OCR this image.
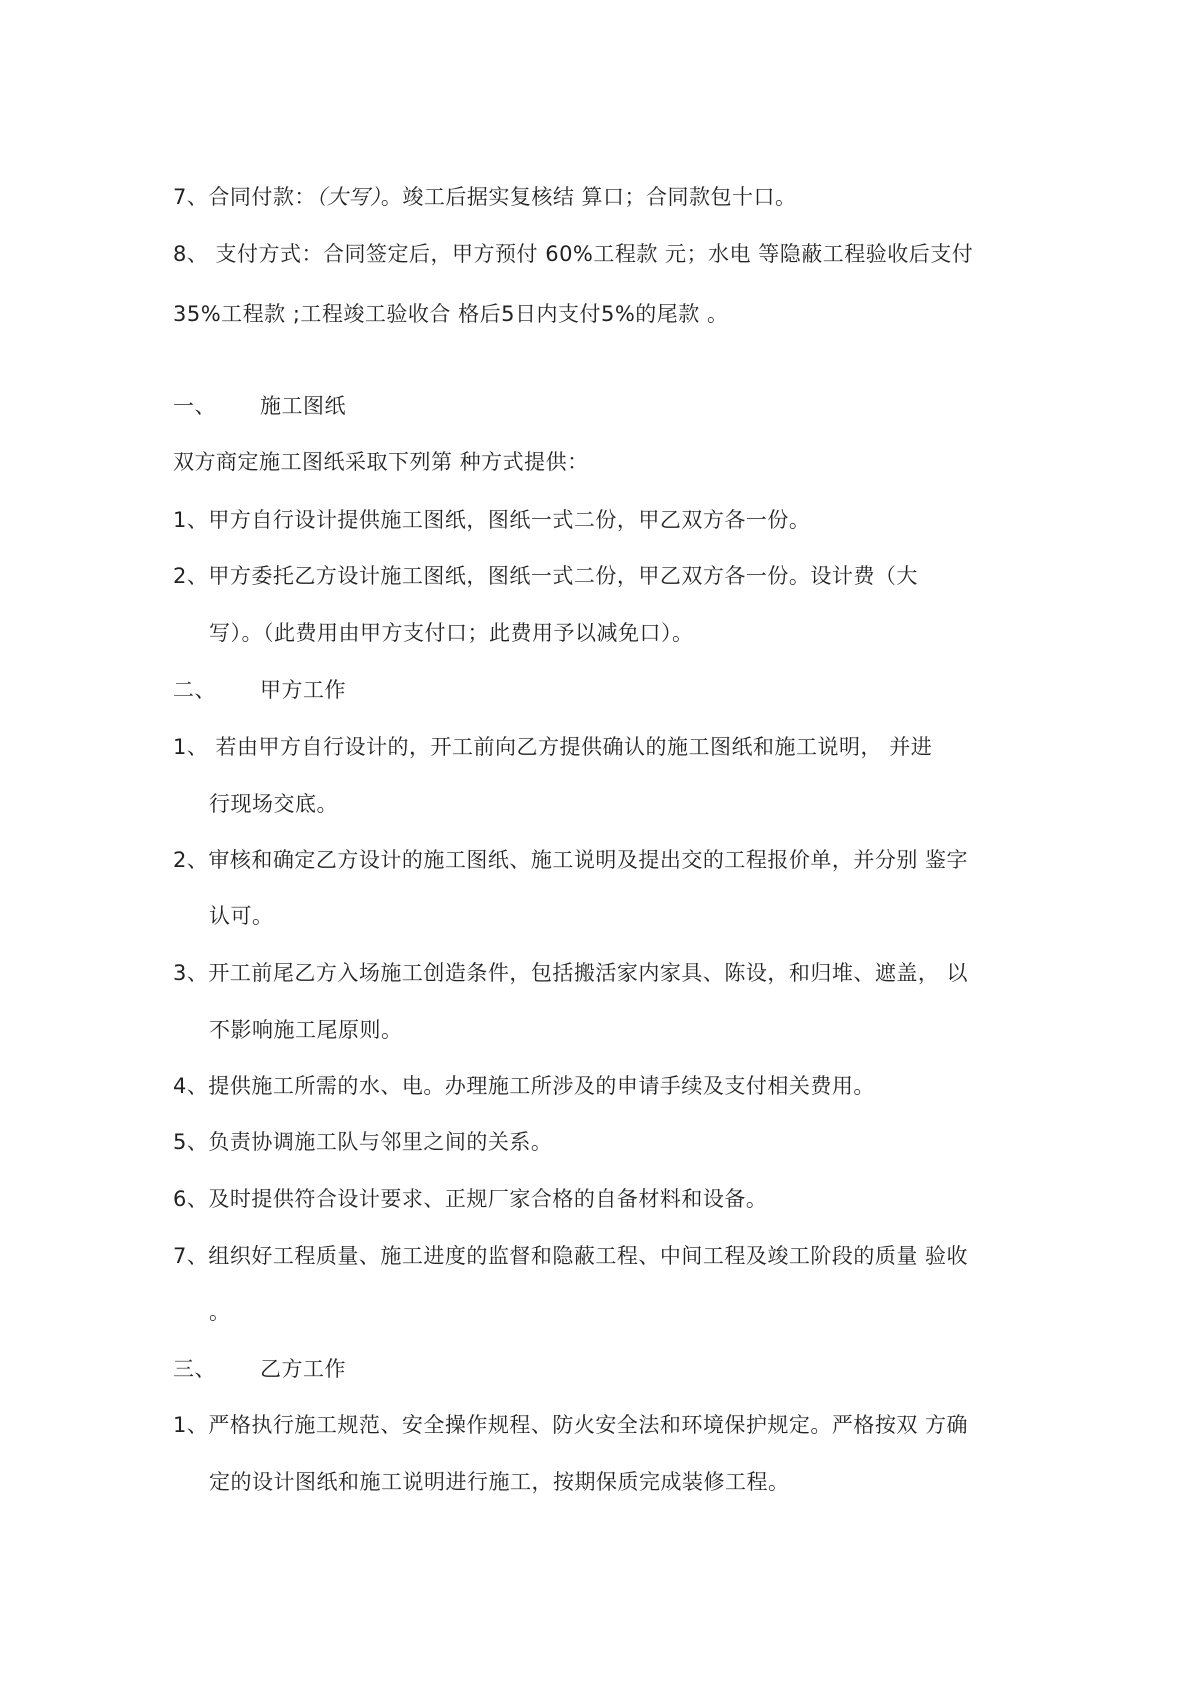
7、合同付款：（大写）。竣工后据实复核结 算口；合同款包十口。
8、 支付方式：合同签定后，甲方预付 60%工程款 元；水电 等隐蔽工程验收后支付
35%工程款 ;工程竣工验收合 格后5日内支付5%的尾款 。
一、 施工图纸
双方商定施工图纸采取下列第 种方式提供：
1、甲方自行设计提供施工图纸，图纸一式二份，甲乙双方各一份。
2、甲方委托乙方设计施工图纸，图纸一式二份，甲乙双方各一份。设计费（大
写）。（此费用由甲方支付口；此费用予以减免口）。
二、 甲方工作
1、 若由甲方自行设计的，开工前向乙方提供确认的施工图纸和施工说明， 并进
行现场交底。
2、审核和确定乙方设计的施工图纸、施工说明及提出交的工程报价单，并分别 鉴字
认可。
3、开工前尾乙方入场施工创造条件，包括搬活家内家具、陈设，和归堆、遮盖， 以
不影响施工尾原则。
4、提供施工所需的水、电。办理施工所涉及的申请手续及支付相关费用。
5、负责协调施工队与邻里之间的关系。
6、及时提供符合设计要求、正规厂家合格的自备材料和设备。
7、组织好工程质量、施工进度的监督和隐蔽工程、中间工程及竣工阶段的质量 验收
。
三、 乙方工作
1、严格执行施工规范、安全操作规程、防火安全法和环境保护规定。严格按双 方确
定的设计图纸和施工说明进行施工，按期保质完成装修工程。
